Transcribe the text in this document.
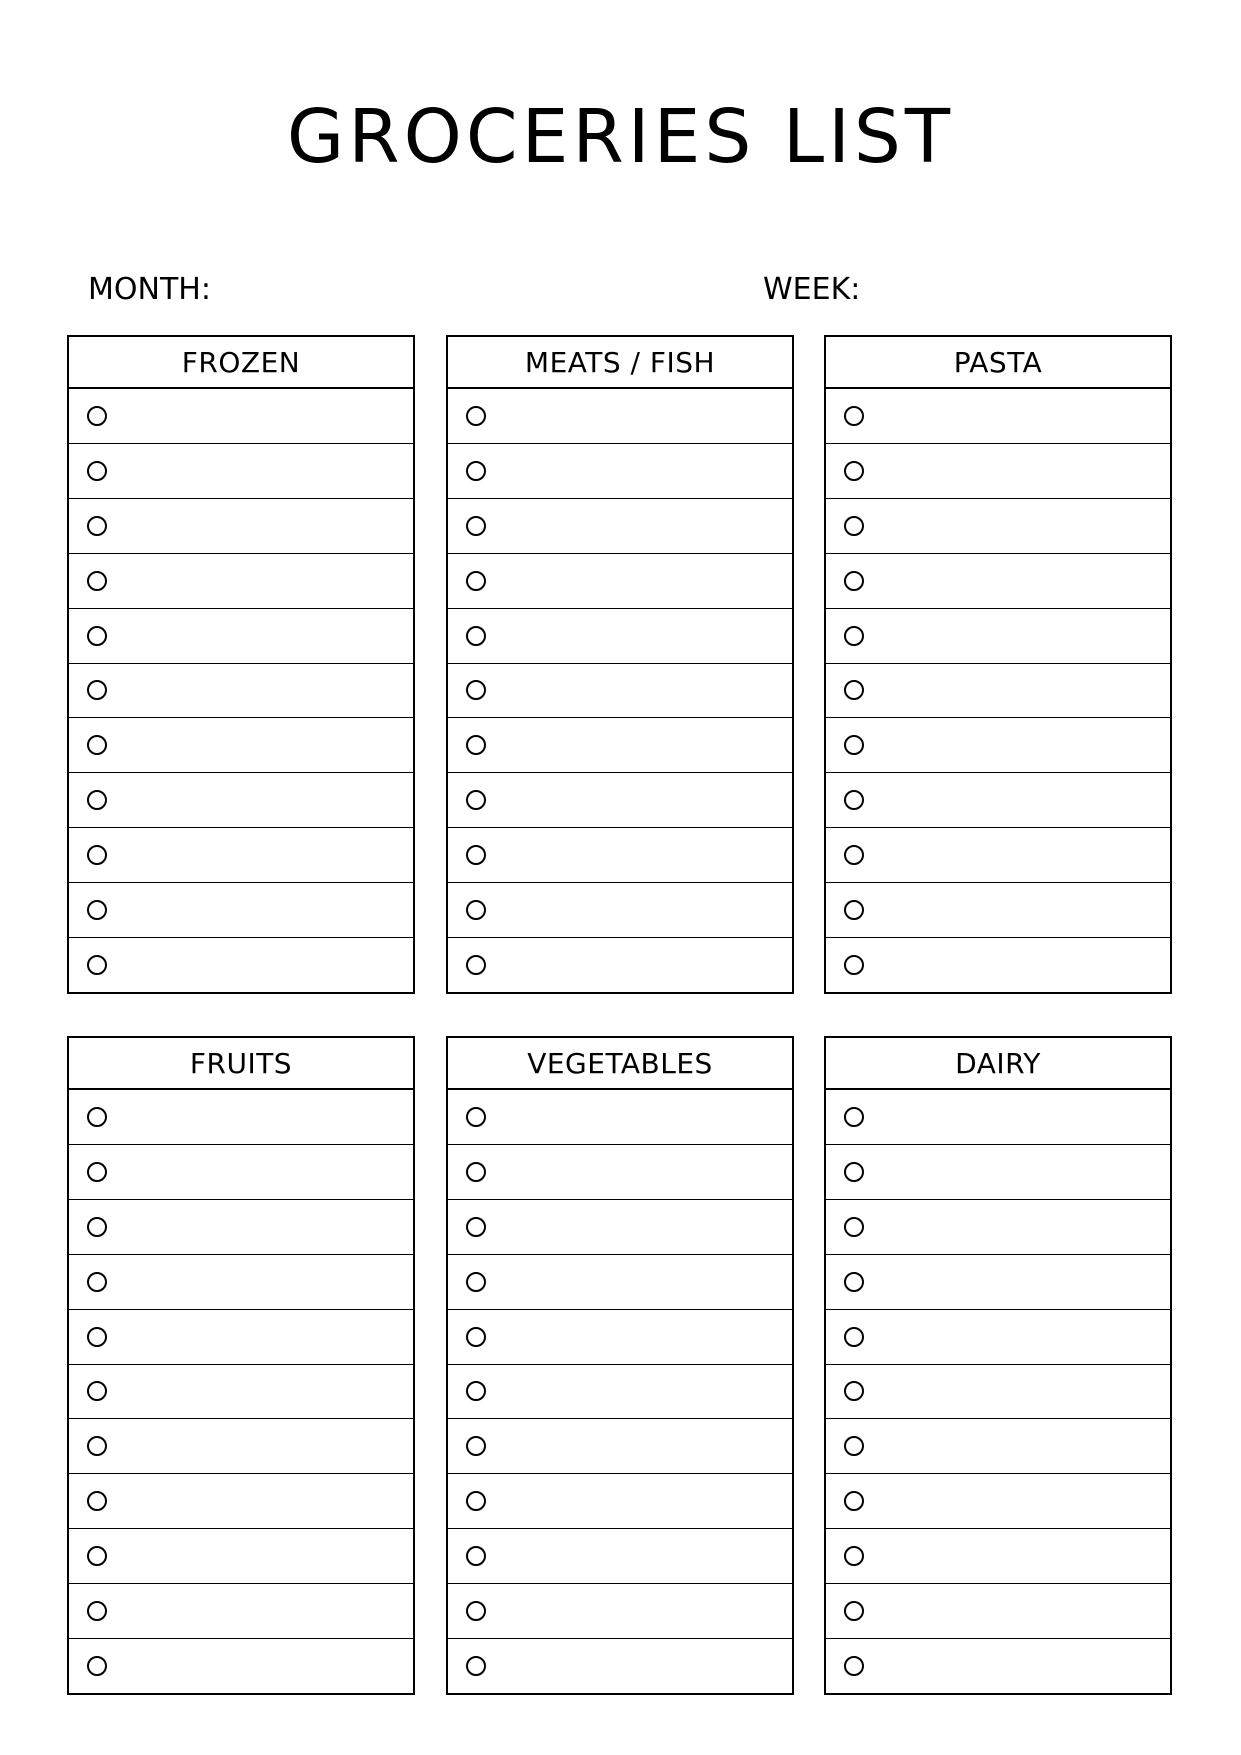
GROCERIES LIST
MONTH:	WEEK:
FROZEN	MEATS / FISH	PASTA
FRUITS	VEGETABLES	DAIRY
